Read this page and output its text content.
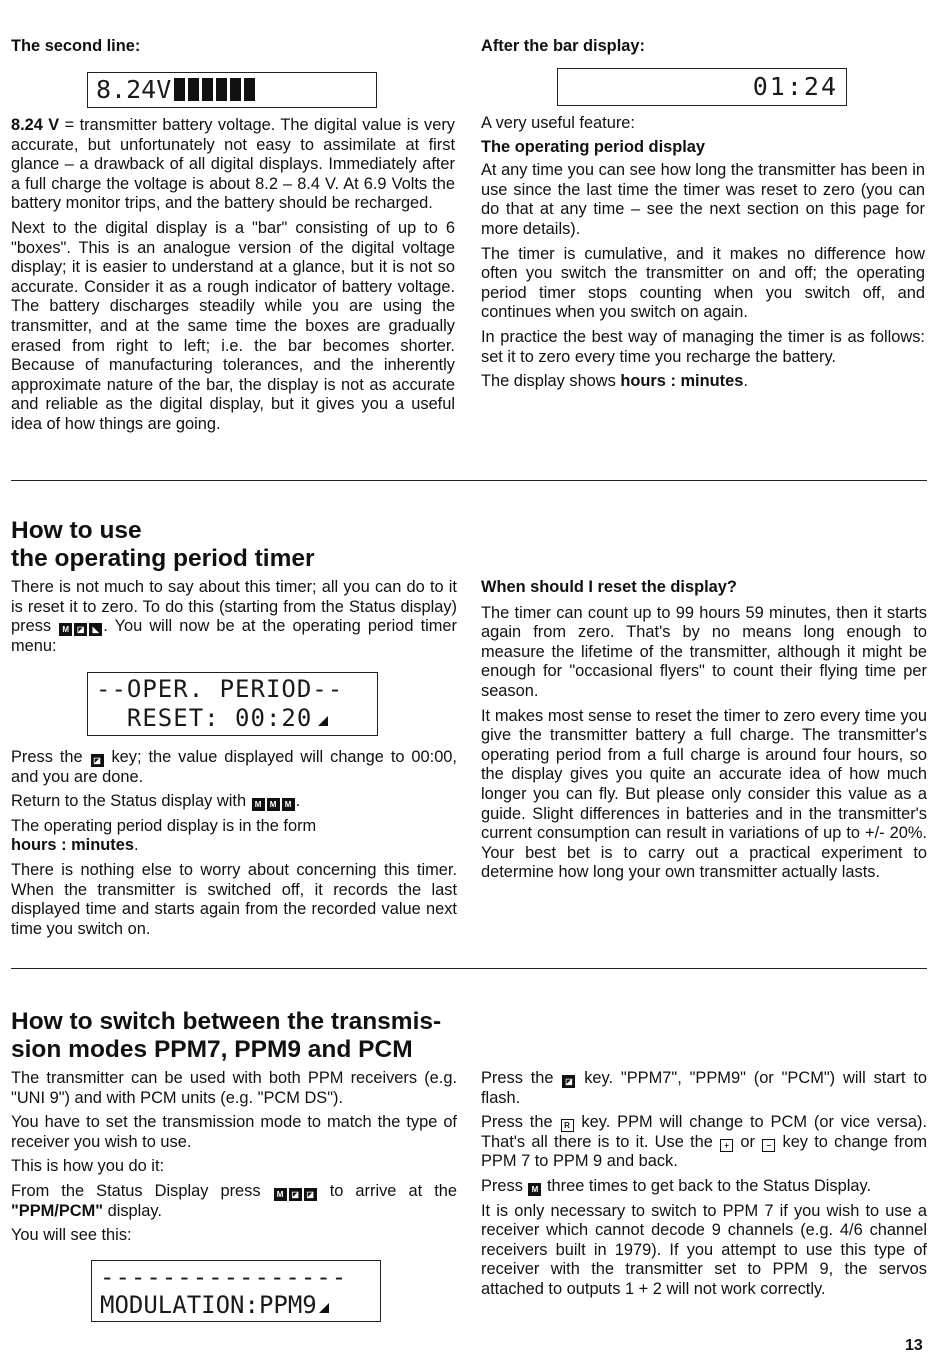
The second line:
8.24V

8.24 V = transmitter battery voltage. The digital value is very accurate, but unfortunately not easy to assimilate at first glance – a drawback of all digital displays. Immediately after a full charge the voltage is about 8.2 – 8.4 V. At 6.9 Volts the battery monitor trips, and the battery should be recharged.

Next to the digital display is a "bar" consisting of up to 6 "boxes". This is an analogue version of the digital voltage display; it is easier to understand at a glance, but it is not so accurate. Consider it as a rough indicator of battery voltage. The battery discharges steadily while you are using the transmitter, and at the same time the boxes are gradually erased from right to left; i.e. the bar becomes shorter. Because of manufacturing tolerances, and the inherently approximate nature of the bar, the display is not as accurate and reliable as the digital display, but it gives you a useful idea of how things are going.

After the bar display:
01:24

A very useful feature:

The operating period display

At any time you can see how long the transmitter has been in use since the last time the timer was reset to zero (you can do that at any time – see the next section on this page for more details).

The timer is cumulative, and it makes no difference how often you switch the transmitter on and off; the operating period timer stops counting when you switch off, and continues when you switch on again.

In practice the best way of managing the timer is as follows: set it to zero every time you recharge the battery.

The display shows hours : minutes.

How to use
the operating period timer

There is not much to say about this timer; all you can do to it is reset it to zero. To do this (starting from the Status display) press M ◪ ◣ . You will now be at the operating period timer menu:

--OPER. PERIOD--
RESET: 00:20

Press the ◪ key; the value displayed will change to 00:00, and you are done.

Return to the Status display with M M M .

The operating period display is in the form
hours : minutes.

There is nothing else to worry about concerning this timer. When the transmitter is switched off, it records the last displayed time and starts again from the recorded value next time you switch on.

When should I reset the display?

The timer can count up to 99 hours 59 minutes, then it starts again from zero. That's by no means long enough to measure the lifetime of the transmitter, although it might be enough for "occasional flyers" to count their flying time per season.

It makes most sense to reset the timer to zero every time you give the transmitter battery a full charge. The transmitter's operating period from a full charge is around four hours, so the display gives you quite an accurate idea of how much longer you can fly. But please only consider this value as a guide. Slight differences in batteries and in the transmitter's current consumption can result in variations of up to +/- 20%. Your best bet is to carry out a practical experiment to determine how long your own transmitter actually lasts.

How to switch between the transmis-
sion modes PPM7, PPM9 and PCM

The transmitter can be used with both PPM receivers (e.g. "UNI 9") and with PCM units (e.g. "PCM DS").

You have to set the transmission mode to match the type of receiver you wish to use.

This is how you do it:

From the Status Display press M ◪ ◪ to arrive at the "PPM/PCM" display.

You will see this:

----------------
MODULATION:PPM9

Press the ◪ key. "PPM7", "PPM9" (or "PCM") will start to flash.

Press the R key. PPM will change to PCM (or vice versa). That's all there is to it. Use the + or − key to change from PPM 7 to PPM 9 and back.

Press M three times to get back to the Status Display.

It is only necessary to switch to PPM 7 if you wish to use a receiver which cannot decode 9 channels (e.g. 4/6 channel receivers built in 1979). If you attempt to use this type of receiver with the transmitter set to PPM 9, the servos attached to outputs 1 + 2 will not work correctly.

13
